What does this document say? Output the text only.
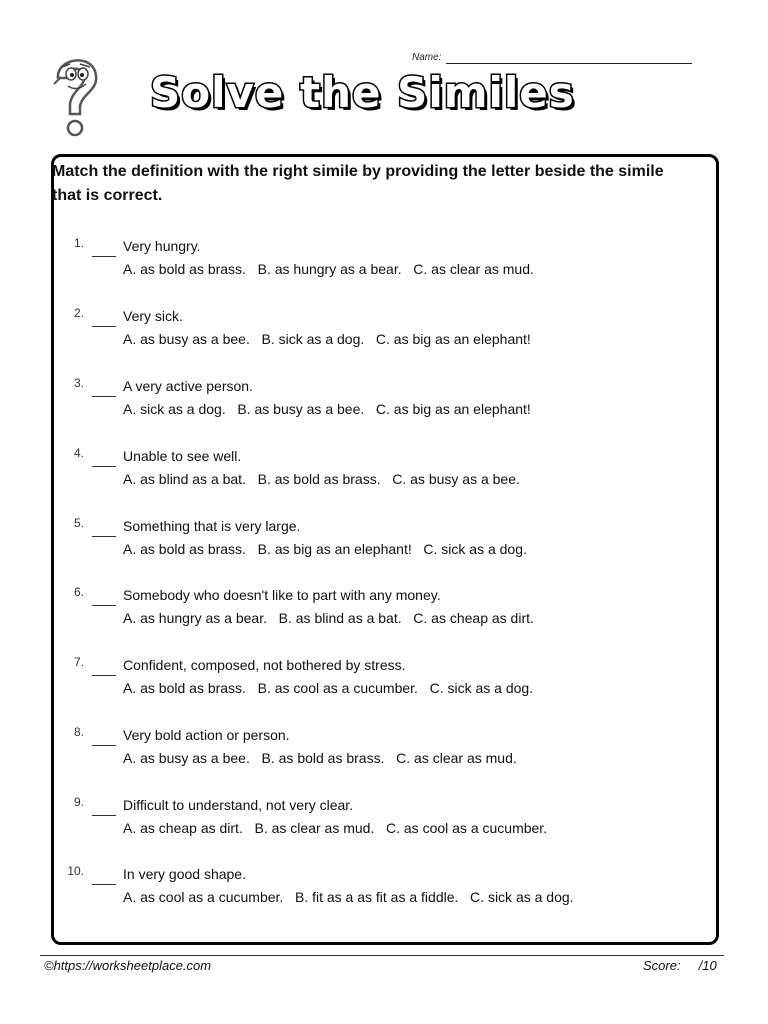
Name:
Solve the Similes
Match the definition with the right simile by providing the letter beside the simile that is correct.
1.	Very hungry.
A. as bold as brass.   B. as hungry as a bear.   C. as clear as mud.
2.	Very sick.
A. as busy as a bee.   B. sick as a dog.   C. as big as an elephant!
3.	A very active person.
A. sick as a dog.   B. as busy as a bee.   C. as big as an elephant!
4.	Unable to see well.
A. as blind as a bat.   B. as bold as brass.   C. as busy as a bee.
5.	Something that is very large.
A. as bold as brass.   B. as big as an elephant!   C. sick as a dog.
6.	Somebody who doesn't like to part with any money.
A. as hungry as a bear.   B. as blind as a bat.   C. as cheap as dirt.
7.	Confident, composed, not bothered by stress.
A. as bold as brass.   B. as cool as a cucumber.   C. sick as a dog.
8.	Very bold action or person.
A. as busy as a bee.   B. as bold as brass.   C. as clear as mud.
9.	Difficult to understand, not very clear.
A. as cheap as dirt.   B. as clear as mud.   C. as cool as a cucumber.
10.	In very good shape.
A. as cool as a cucumber.   B. fit as a as fit as a fiddle.   C. sick as a dog.
©https://worksheetplace.com	Score:     /10
